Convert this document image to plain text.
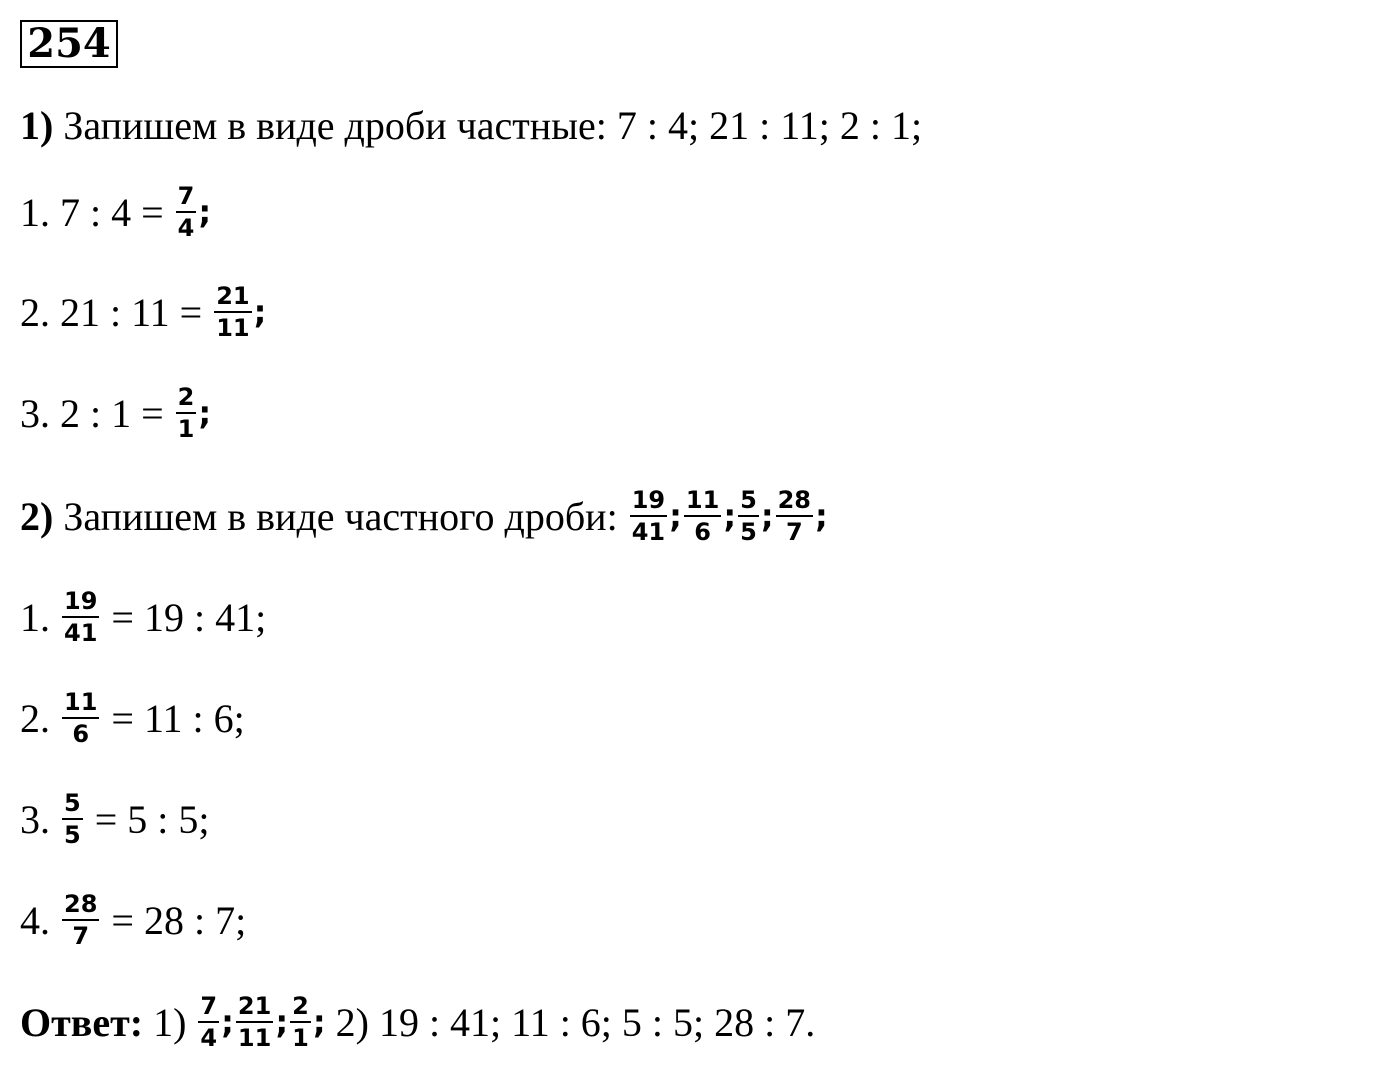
254
1) Запишем в виде дроби частные: 7 : 4; 21 : 11; 2 : 1;
1. 7 : $4 = \frac{7}{4}$ ;
2. 21 : $11 = \frac{21}{11}$ ;
3. 2 : $1 = \frac{2}{1}$ ;
2) Запишем в виде частного дроби: $\frac{19}{41}$ ; $\frac{11}{6}$ ; $\frac{5}{5}$ ; $\frac{28}{7}$ ;
1. $\frac{19}{41} = 19$ : 41;
2. $\frac{11}{6} = 11$ : 6;
3. $\frac{5}{5} = 5$ : 5;
4. $\frac{28}{7} = 28$ : 7;
Ответ: $1) \frac{7}{4}$ ; $\frac{21}{11}$ ; $\frac{2}{1}$ ; 2) 19 : 41; 11 : 6; 5 : 5; 28 : 7.
